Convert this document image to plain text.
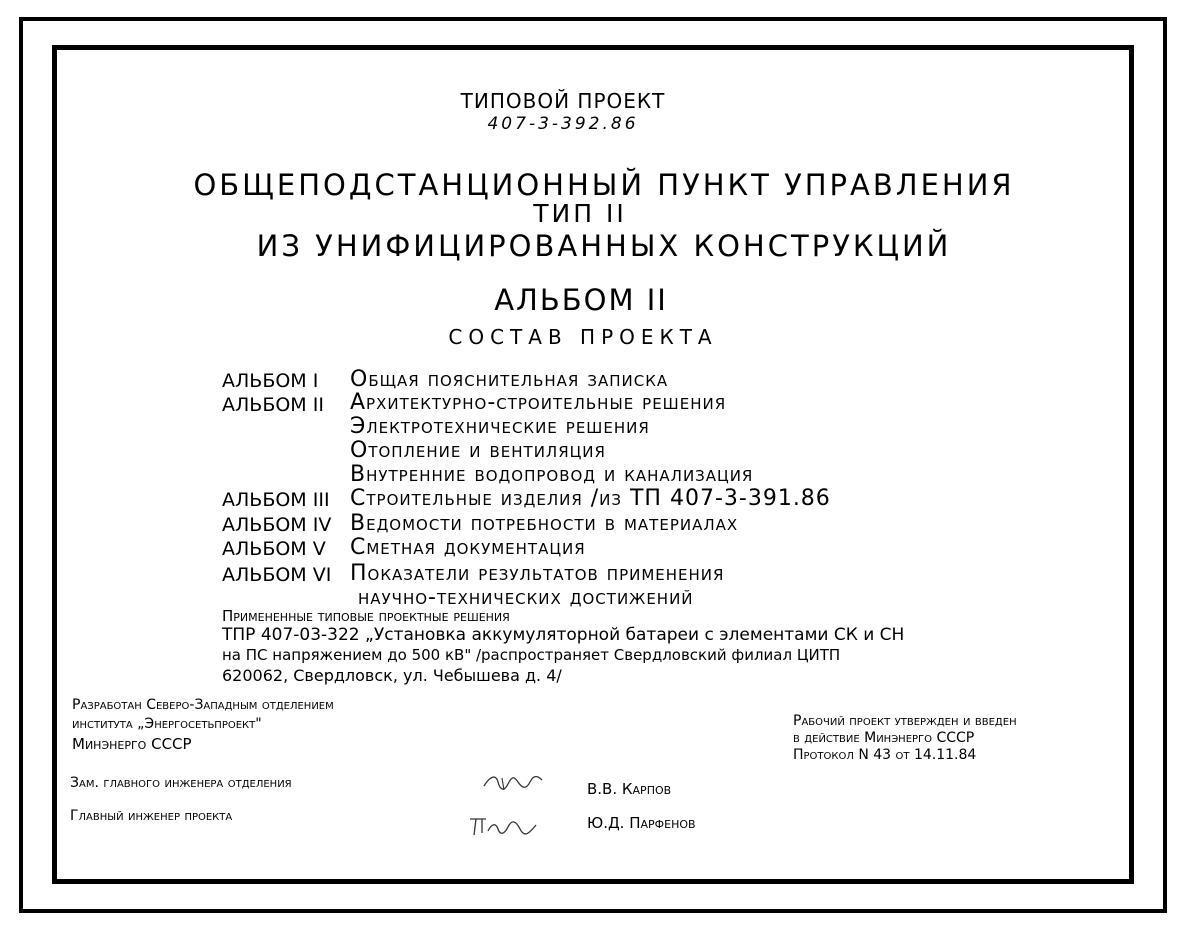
ТИПОВОЙ ПРОЕКТ
407-3-392.86
ОБЩЕПОДСТАНЦИОННЫЙ ПУНКТ УПРАВЛЕНИЯ
ТИП II
ИЗ УНИФИЦИРОВАННЫХ КОНСТРУКЦИЙ
АЛЬБОМ II
СОСТАВ ПРОЕКТА
АЛЬБОМ I Общая пояснительная записка
АЛЬБОМ II Архитектурно-строительные решения
Электротехнические решения
Отопление и вентиляция
Внутренние водопровод и канализация
АЛЬБОМ III Строительные изделия /из ТП 407-3-391.86
АЛЬБОМ IV Ведомости потребности в материалах
АЛЬБОМ V Сметная документация
АЛЬБОМ VI Показатели результатов применения
научно-технических достижений
Примененные типовые проектные решения
ТПР 407-03-322 „Установка аккумуляторной батареи с элементами СК и СН
на ПС напряжением до 500 кВ" /распространяет Свердловский филиал ЦИТП
620062, Свердловск, ул. Чебышева д. 4/
Разработан Северо-Западным отделением
института „Энергосетьпроект"
Минэнерго СССР
Рабочий проект утвержден и введен
в действие Минэнерго СССР
Протокол N 43 от 14.11.84
Зам. главного инженера отделения	В.В. Карпов
Главный инженер проекта	Ю.Д. Парфенов
